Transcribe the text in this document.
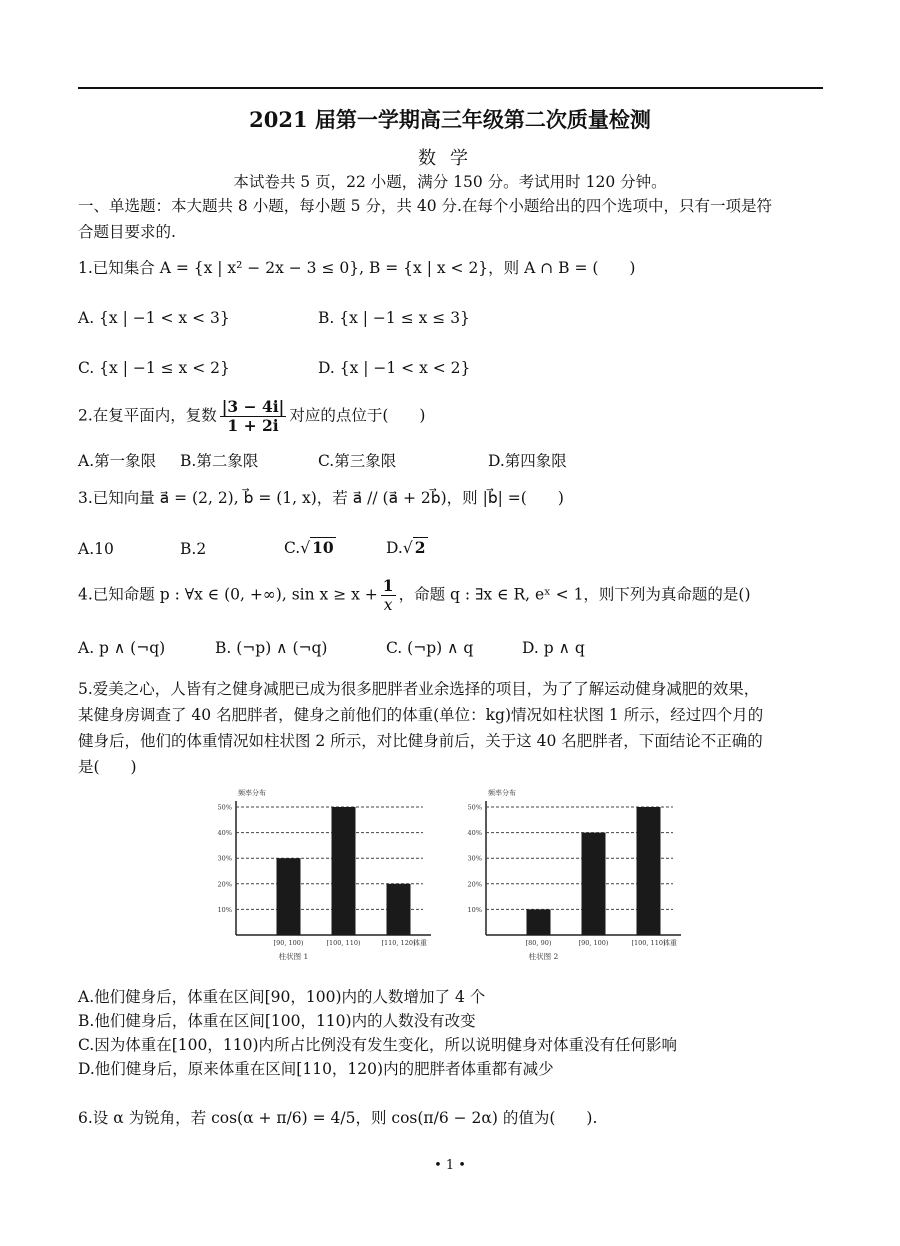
2021 届第一学期高三年级第二次质量检测
数学
本试卷共 5 页，22 小题，满分 150 分。考试用时 120 分钟。
一、单选题：本大题共 8 小题，每小题 5 分，共 40 分.在每个小题给出的四个选项中，只有一项是符
合题目要求的.
1.已知集合 A = {x | x² − 2x − 3 ≤ 0}, B = {x | x < 2}，则 A ∩ B = (　　)
A. {x | −1 < x < 3}	B. {x | −1 ≤ x ≤ 3}
C. {x | −1 ≤ x < 2}	D. {x | −1 < x < 2}
2.在复平面内，复数 $\frac{|3 - 4i|}{1 + 2i}$ 对应的点位于(　　)
A.第一象限 B.第二象限	C.第三象限	D.第四象限
3.已知向量 a⃗ = (2, 2), b⃗ = (1, x)，若 a⃗ // (a⃗ + 2b⃗)，则 |b⃗| =(　　)
A.10	B.2	C.√ 10	D.√ 2
4.已知命题 p : ∀x ∈ (0, +∞), $\sin x \ge x + \frac{1}{x}$ ，命题 q : ∃x ∈ R, eˣ < 1，则下列为真命题的是()
A. p ∧ (¬q)	B. (¬p) ∧ (¬q)	C. (¬p) ∧ q	D. p ∧ q
5.爱美之心，人皆有之健身减肥已成为很多肥胖者业余选择的项目，为了了解运动健身减肥的效果，
某健身房调查了 40 名肥胖者，健身之前他们的体重(单位：kg)情况如柱状图 1 所示，经过四个月的
健身后，他们的体重情况如柱状图 2 所示，对比健身前后，关于这 40 名肥胖者，下面结论不正确的
是(　　)
频率分布
10%
20%
30%
40%
50%
[90, 100)	[100, 110)	[110, 120)
体重
柱状图 1
频率分布
10%
20%
30%
40%
50%
[80, 90)	[90, 100)	[100, 110)
体重
柱状图 2
A.他们健身后，体重在区间[90，100)内的人数增加了 4 个
B.他们健身后，体重在区间[100，110)内的人数没有改变
C.因为体重在[100，110)内所占比例没有发生变化，所以说明健身对体重没有任何影响
D.他们健身后，原来体重在区间[110，120)内的肥胖者体重都有减少
6.设 α 为锐角，若 cos(α + π/6) = 4/5，则 cos(π/6 − 2α) 的值为(　　).
• 1 •
